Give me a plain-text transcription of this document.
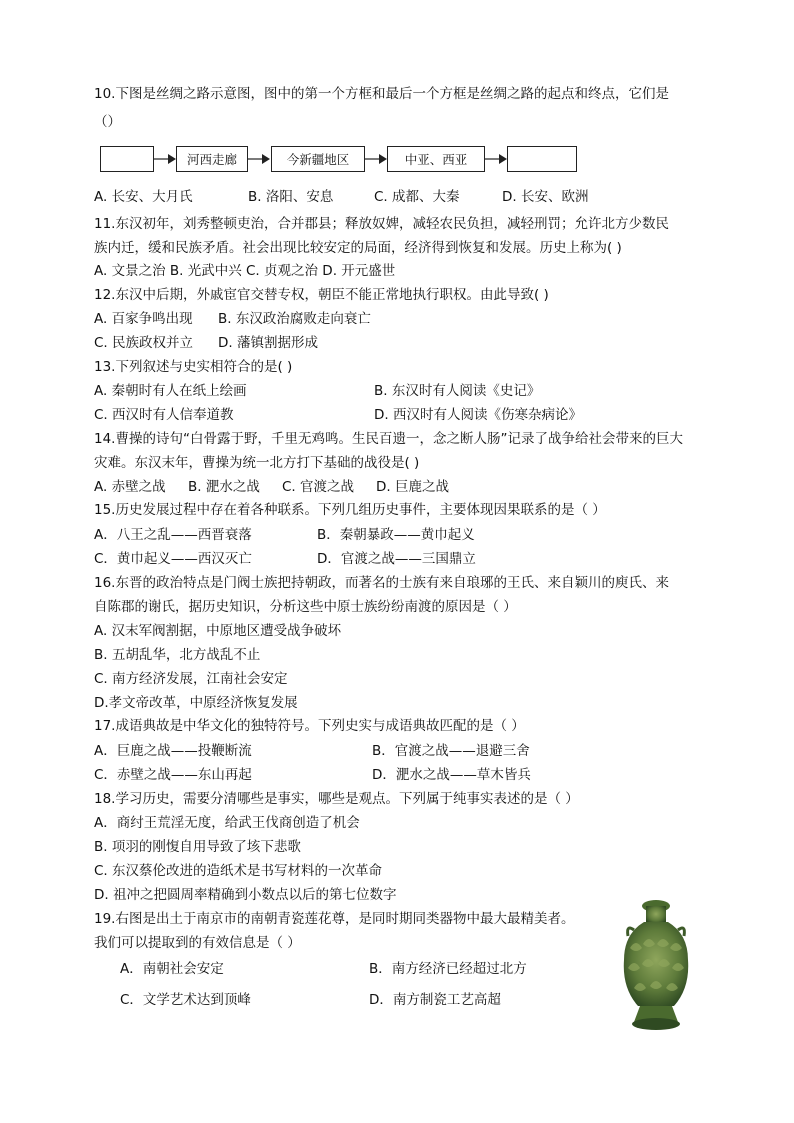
10.下图是丝绸之路示意图，图中的第一个方框和最后一个方框是丝绸之路的起点和终点，它们是
（）
河西走廊	今新疆地区	中亚、西亚
A. 长安、大月氏	B. 洛阳、安息	C. 成都、大秦	D. 长安、欧洲
11.东汉初年，刘秀整顿吏治，合并郡县；释放奴婢，减轻农民负担，减轻刑罚；允许北方少数民
族内迁，缓和民族矛盾。社会出现比较安定的局面，经济得到恢复和发展。历史上称为( )
A. 文景之治 B. 光武中兴 C. 贞观之治 D. 开元盛世
12.东汉中后期，外戚宦官交替专权，朝臣不能正常地执行职权。由此导致( )
A. 百家争鸣出现 B. 东汉政治腐败走向衰亡
C. 民族政权并立 D. 藩镇割据形成
13.下列叙述与史实相符合的是( )
A. 秦朝时有人在纸上绘画	B. 东汉时有人阅读《史记》
C. 西汉时有人信奉道教	D. 西汉时有人阅读《伤寒杂病论》
14.曹操的诗句“白骨露于野，千里无鸡鸣。生民百遗一，念之断人肠”记录了战争给社会带来的巨大
灾难。东汉末年，曹操为统一北方打下基础的战役是( )
A. 赤壁之战 B. 淝水之战 C. 官渡之战 D. 巨鹿之战
15.历史发展过程中存在着各种联系。下列几组历史事件，主要体现因果联系的是（ ）
A．八王之乱——西晋衰落	B．秦朝暴政——黄巾起义
C．黄巾起义——西汉灭亡	D．官渡之战——三国鼎立
16.东晋的政治特点是门阀士族把持朝政，而著名的士族有来自琅琊的王氏、来自颖川的庾氏、来
自陈郡的谢氏，据历史知识，分析这些中原士族纷纷南渡的原因是（ ）
A. 汉末军阀割据，中原地区遭受战争破坏
B. 五胡乱华，北方战乱不止
C. 南方经济发展，江南社会安定
D.孝文帝改革，中原经济恢复发展
17.成语典故是中华文化的独特符号。下列史实与成语典故匹配的是（ ）
A．巨鹿之战——投鞭断流	B．官渡之战——退避三舍
C．赤壁之战——东山再起	D．淝水之战——草木皆兵
18.学习历史，需要分清哪些是事实，哪些是观点。下列属于纯事实表述的是（ ）
A．商纣王荒淫无度，给武王伐商创造了机会
B. 项羽的刚愎自用导致了垓下悲歌
C. 东汉蔡伦改进的造纸术是书写材料的一次革命
D. 祖冲之把圆周率精确到小数点以后的第七位数字
19.右图是出土于南京市的南朝青瓷莲花尊，是同时期同类器物中最大最精美者。
我们可以提取到的有效信息是（ ）
A．南朝社会安定	B．南方经济已经超过北方
C．文学艺术达到顶峰	D．南方制瓷工艺高超
